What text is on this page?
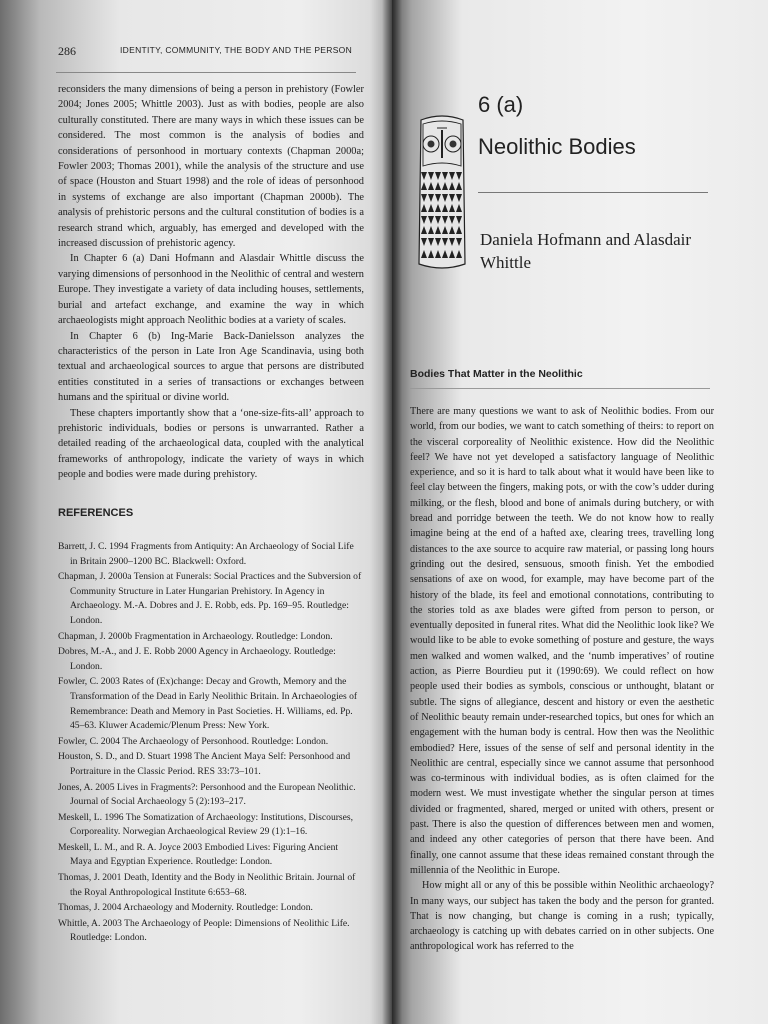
286	IDENTITY, COMMUNITY, THE BODY AND THE PERSON

reconsiders the many dimensions of being a person in prehistory (Fowler 2004; Jones 2005; Whittle 2003). Just as with bodies, people are also culturally constituted. There are many ways in which these issues can be considered. The most common is the analysis of bodies and considerations of personhood in mortuary contexts (Chapman 2000a; Fowler 2003; Thomas 2001), while the analysis of the structure and use of space (Houston and Stuart 1998) and the role of ideas of personhood in systems of exchange are also important (Chapman 2000b). The analysis of prehistoric persons and the cultural constitution of bodies is a research strand which, arguably, has emerged and developed with the increased discussion of prehistoric agency.

In Chapter 6 (a) Dani Hofmann and Alasdair Whittle discuss the varying dimensions of personhood in the Neolithic of central and western Europe. They investigate a variety of data including houses, settlements, burial and artefact exchange, and examine the way in which archaeologists might approach Neolithic bodies at a variety of scales.

In Chapter 6 (b) Ing-Marie Back-Danielsson analyzes the characteristics of the person in Late Iron Age Scandinavia, using both textual and archaeological sources to argue that persons are distributed entities constituted in a series of transactions or exchanges between humans and the spiritual or divine world.

These chapters importantly show that a ‘one-size-fits-all’ approach to prehistoric individuals, bodies or persons is unwarranted. Rather a detailed reading of the archaeological data, coupled with the analytical frameworks of anthropology, indicate the variety of ways in which people and bodies were made during prehistory.

REFERENCES

Barrett, J. C. 1994 Fragments from Antiquity: An Archaeology of Social Life in Britain 2900–1200 BC. Blackwell: Oxford.

Chapman, J. 2000a Tension at Funerals: Social Practices and the Subversion of Community Structure in Later Hungarian Prehistory. In Agency in Archaeology. M.-A. Dobres and J. E. Robb, eds. Pp. 169–95. Routledge: London.

Chapman, J. 2000b Fragmentation in Archaeology. Routledge: London.

Dobres, M.-A., and J. E. Robb 2000 Agency in Archaeology. Routledge: London.

Fowler, C. 2003 Rates of (Ex)change: Decay and Growth, Memory and the Transformation of the Dead in Early Neolithic Britain. In Archaeologies of Remembrance: Death and Memory in Past Societies. H. Williams, ed. Pp. 45–63. Kluwer Academic/Plenum Press: New York.

Fowler, C. 2004 The Archaeology of Personhood. Routledge: London.

Houston, S. D., and D. Stuart 1998 The Ancient Maya Self: Personhood and Portraiture in the Classic Period. RES 33:73–101.

Jones, A. 2005 Lives in Fragments?: Personhood and the European Neolithic. Journal of Social Archaeology 5 (2):193–217.

Meskell, L. 1996 The Somatization of Archaeology: Institutions, Discourses, Corporeality. Norwegian Archaeological Review 29 (1):1–16.

Meskell, L. M., and R. A. Joyce 2003 Embodied Lives: Figuring Ancient Maya and Egyptian Experience. Routledge: London.

Thomas, J. 2001 Death, Identity and the Body in Neolithic Britain. Journal of the Royal Anthropological Institute 6:653–68.

Thomas, J. 2004 Archaeology and Modernity. Routledge: London.

Whittle, A. 2003 The Archaeology of People: Dimensions of Neolithic Life. Routledge: London.

6 (a)
Neolithic Bodies
Daniela Hofmann and Alasdair Whittle
Bodies That Matter in the Neolithic

There are many questions we want to ask of Neolithic bodies. From our world, from our bodies, we want to catch something of theirs: to report on the visceral corporeality of Neolithic existence. How did the Neolithic feel? We have not yet developed a satisfactory language of Neolithic experience, and so it is hard to talk about what it would have been like to feel clay between the fingers, making pots, or with the cow’s udder during milking, or the flesh, blood and bone of animals during butchery, or with bread and porridge between the teeth. We do not know how to really imagine being at the end of a hafted axe, clearing trees, travelling long distances to the axe source to acquire raw material, or passing long hours grinding out the desired, sensuous, smooth finish. Yet the embodied sensations of axe on wood, for example, may have become part of the history of the blade, its feel and emotional connotations, contributing to the stories told as axe blades were gifted from person to person, or eventually deposited in funeral rites. What did the Neolithic look like? We would like to be able to evoke something of posture and gesture, the ways men walked and women walked, and the ‘numb imperatives’ of routine action, as Pierre Bourdieu put it (1990:69). We could reflect on how people used their bodies as symbols, conscious or unthought, blatant or subtle. The signs of allegiance, descent and history or even the aesthetic of Neolithic beauty remain under-researched topics, but ones for which an engagement with the human body is central. How then was the Neolithic embodied? Here, issues of the sense of self and personal identity in the Neolithic are central, especially since we cannot assume that personhood was co-terminous with individual bodies, as is often claimed for the modern west. We must investigate whether the singular person at times divided or fragmented, shared, merged or united with others, present or past. There is also the question of differences between men and women, and indeed any other categories of person that there have been. And finally, one cannot assume that these ideas remained constant through the millennia of the Neolithic in Europe.

How might all or any of this be possible within Neolithic archaeology? In many ways, our subject has taken the body and the person for granted. That is now changing, but change is coming in a rush; typically, archaeology is catching up with debates carried on in other subjects. One anthropological work has referred to the
